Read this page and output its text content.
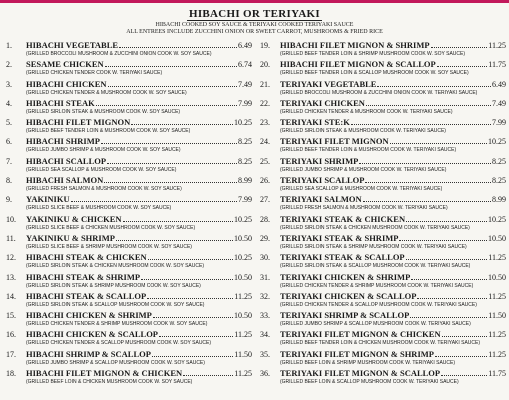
HIBACHI OR TERIYAKI
HIBACHI COOKED SOY SAUCE & TERIYAKI COOKED TERIYAKI SAUCE
ALL ENTREES INCLUDE ZUCCHINI ONION OR SWEET CARROT, MUSHROOMS & FRIED RICE
1.	HIBACHI VEGETABLE	6.49
(GRILLED BROCCOLI MUSHROOM & ZUCCHINI ONION COOK W. SOY SAUCE)
2.	SESAME CHICKEN	6.74
(GRILLED CHICKEN TENDER COOK W. TERIYAKI SAUCE)
3.	HIBACHI CHICKEN	7.49
(GRILLED CHICKEN TENDER & MUSHROOM COOK W. SOY SAUCE)
4.	HIBACHI STEAK	7.99
(GRILLED SIRLOIN STEAK & MUSHROOM COOK W. SOY SAUCE)
5.	HIBACHI FILET MIGNON	10.25
(GRILLED BEEF TENDER LOIN & MUSHROOM COOK W. SOY SAUCE)
6.	HIBACHI SHRIMP	8.25
(GRILLED JUMBO SHRIMP & MUSHROOM COOK W. SOY SAUCE)
7.	HIBACHI SCALLOP	8.25
(GRILLED SEA SCALLOP & MUSHROOM COOK W. SOY SAUCE)
8.	HIBACHI SALMON	8.99
(GRILLED FRESH SALMON & MUSHROOM COOK W. SOY SAUCE)
9.	YAKINIKU	7.99
(GRILLED SLICE BEEF & MUSHROOM COOK W. SOY SAUCE)
10.	YAKINIKU & CHICKEN	10.25
(GRILLED SLICE BEEF & CHICKEN MUSHROOM COOK W. SOY SAUCE)
11.	YAKINIKU & SHRIMP	10.50
(GRILLED SLICE BEEF & SHRIMP MUSHROOM COOK W. SOY SAUCE)
12.	HIBACHI STEAK & CHICKEN	10.25
(GRILLED SIRLOIN STEAK & CHICKEN MUSHROOM COOK W. SOY SAUCE)
13.	HIBACHI STEAK & SHRIMP	10.50
(GRILLED SIRLOIN STEAK & SHRIMP MUSHROOM COOK W. SOY SAUCE)
14.	HIBACHI STEAK & SCALLOP	11.25
(GRILLED SIRLOIN STEAK & SCALLOP MUSHROOM COOK W. SOY SAUCE)
15.	HIBACHI CHICKEN & SHRIMP	10.50
(GRILLED CHICKEN TENDER & SHRIMP MUSHROOM COOK W. SOY SAUCE)
16.	HIBACHI CHICKEN & SCALLOP	11.25
(GRILLED CHICKEN TENDER & SCALLOP MUSHROOM COOK W. SOY SAUCE)
17.	HIBACHI SHRIMP & SCALLOP	11.50
(GRILLED JUMBO SHRIMP & SCALLOP MUSHROOM COOK W. SOY SAUCE)
18.	HIBACHI FILET MIGNON & CHICKEN	11.25
(GRILLED BEEF LOIN & CHICKEN MUSHROOM COOK W. SOY SAUCE)
19.	HIBACHI FILET MIGNON & SHRIMP	11.25
(GRILLED BEEF TENDER LOIN & SHRIMP MUSHROOM COOK W. SOY SAUCE)
20.	HIBACHI FILET MIGNON & SCALLOP	11.75
(GRILLED BEEF TENDER LOIN & SCALLOP MUSHROOM COOK W. SOY SAUCE)
21.	TERIYAKI VEGETABLE	6.49
(GRILLED BROCCOLI MUSHROOM & ZUCCHINI ONION COOK W. TERIYAKI SAUCE)
22.	TERIYAKI CHICKEN	7.49
(GRILLED CHICKEN TENDER & MUSHROOM COOK W. TERIYAKI SAUCE)
23.	TERIYAKI STE:K	7.99
(GRILLED SIRLOIN STEAK & MUSHROOM COOK W. TERIYAKI SAUCE)
24.	TERIYAKI FILET MIGNON	10.25
(GRILLED BEEF TENDER LOIN & MUSHROOM COOK W. TERIYAKI SAUCE)
25.	TERIYAKI SHRIMP	8.25
(GRILLED JUMBO SHRIMP & MUSHROOM COOK W. TERIYAKI SAUCE)
26.	TERIYAKI SCALLOP	8.25
(GRILLED SEA SCALLOP & MUSHROOM COOK W. TERIYAKI SAUCE)
27.	TERIYAKI SALMON	8.99
(GRILLED FRESH SALMON & MUSHROOM COOK W. TERIYAKI SAUCE)
28.	TERIYAKI STEAK & CHICKEN	10.25
(GRILLED SIRLOIN STEAK & CHICKEN MUSHROOM COOK W. TERIYAKI SAUCE)
29.	TERIYAKI STEAK & SHRIMP	10.50
(GRILLED SIRLOIN STEAK & SHRIMP MUSHROOM COOK W. TERIYAKI SAUCE)
30.	TERIYAKI STEAK & SCALLOP	11.25
(GRILLED SIRLOIN STEAK & SCALLOP MUSHROOM COOK W. TERIYAKI SAUCE)
31.	TERIYAKI CHICKEN & SHRIMP	10.50
(GRILLED CHICKEN TENDER & SHRIMP MUSHROOM COOK W. TERIYAKI SAUCE)
32.	TERIYAKI CHICKEN & SCALLOP	11.25
(GRILLED CHICKEN TENDER & SCALLOP MUSHROOM COOK W. TERIYAKI SAUCE)
33.	TERIYAKI SHRIMP & SCALLOP	11.50
(GRILLED JUMBO SHRIMP & SCALLOP MUSHROOM COOK W. TERIYAKI SAUCE)
34.	TERIYAKI FILET MIGNON & CHICKEN	11.25
(GRILLED BEEF TENDER LOIN & CHICKEN MUSHROOM COOK W. TERIYAKI SAUCE)
35.	TERIYAKI FILET MIGNON & SHRIMP	11.25
(GRILLED BEEF LOIN & SHRIMP MUSHROOM COOK W. TERIYAKI SAUCE)
36.	TERIYAKI FILET MIGNON & SCALLOP	11.75
(GRILLED BEEF LOIN & SCALLOP MUSHROOM COOK W. TERIYAKI SAUCE)
